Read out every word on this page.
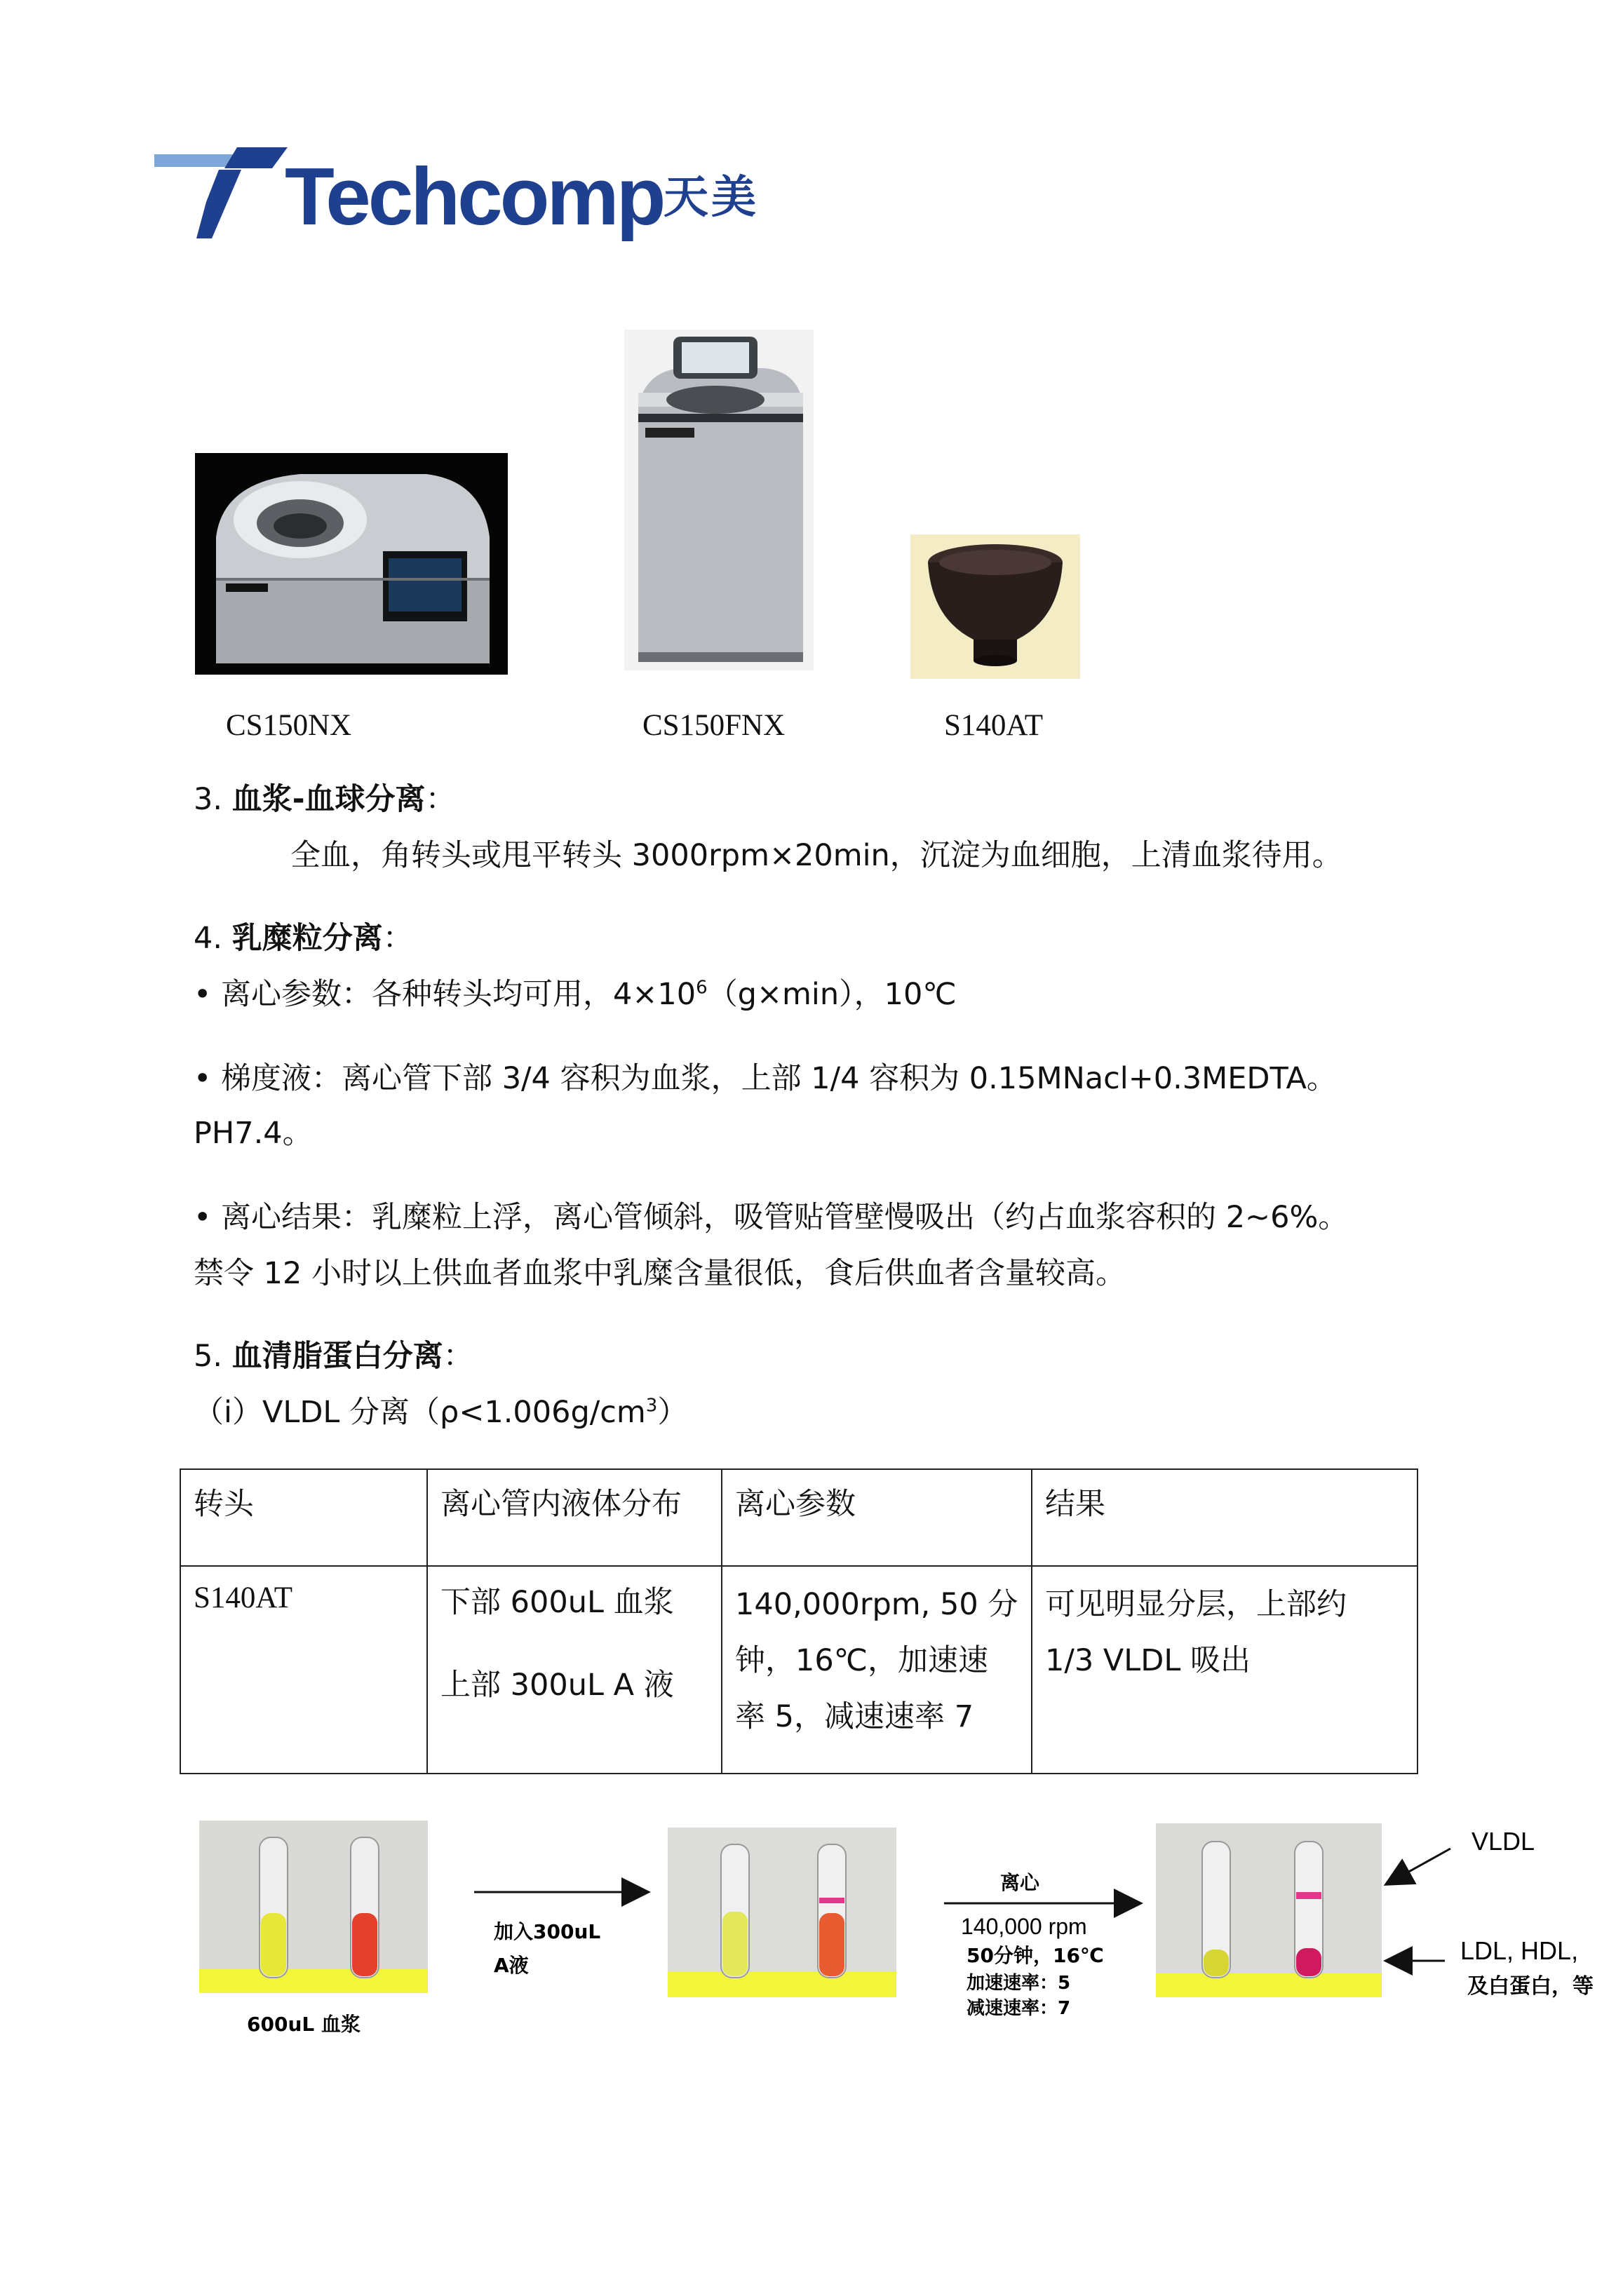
Techcomp 天美
CS150NX	CS150FNX	S140AT
3. 血浆-血球分离：
全血，角转头或甩平转头 3000rpm×20min，沉淀为血细胞，上清血浆待用。
4. 乳糜粒分离：
• 离心参数：各种转头均可用，$4\times 10^6(g\times\min)$，10℃
• 梯度液：离心管下部 3/4 容积为血浆，上部 1/4 容积为 0.15MNacl+0.3MEDTA。
PH7.4。
• 离心结果：乳糜粒上浮，离心管倾斜，吸管贴管壁慢吸出（约占血浆容积的 2~6%。
禁令 12 小时以上供血者血浆中乳糜含量很低，食后供血者含量较高。
5. 血清脂蛋白分离：
（ⅰ）VLDL 分离$(\rho<1.006g/cm^3)$
转头	离心管内液体分布	离心参数	结果
S140AT	下部 600uL 血浆
上部 300uL A 液	140,000rpm, 50 分
钟，16℃，加速速
率 5，减速速率 7	可见明显分层，上部约
1/3 VLDL 吸出
600uL 血浆
加入300uL
A液
离心
140,000 rpm
50分钟，16℃
加速速率：5
减速速率：7
VLDL
LDL, HDL,
及白蛋白，等
